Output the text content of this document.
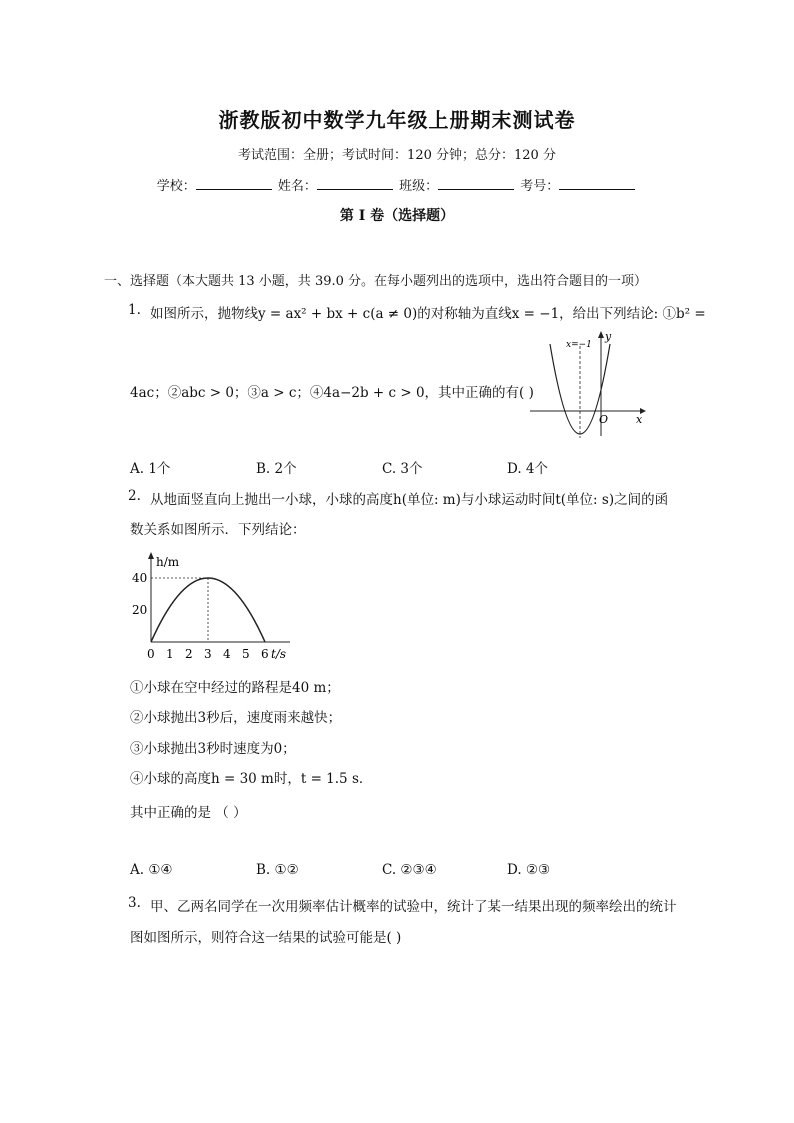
浙教版初中数学九年级上册期末测试卷
考试范围：全册；考试时间：120 分钟；总分：120 分
学校：	姓名：	班级：	考号：
第 I 卷（选择题）
一、选择题（本大题共 13 小题，共 39.0 分。在每小题列出的选项中，选出符合题目的一项）
1. 如图所示，抛物线y = ax² + bx + c(a ≠ 0)的对称轴为直线x = −1，给出下列结论: ①b² =
4ac；②abc > 0；③a > c；④4a−2b + c > 0，其中正确的有( )
x
y
O
x=−1
A. 1个	B. 2个	C. 3个	D. 4个
2. 从地面竖直向上抛出一小球，小球的高度h(单位: m)与小球运动时间t(单位: s)之间的函
数关系如图所示．下列结论：
h/m
40
20
0 1 2 3 4 5 6 t/s
①小球在空中经过的路程是40 m；
②小球抛出3秒后，速度雨来越快；
③小球抛出3秒时速度为0；
④小球的高度h = 30 m时，t = 1.5 s．
其中正确的是 （ ）
A. ①④	B. ①②	C. ②③④	D. ②③
3. 甲、乙两名同学在一次用频率估计概率的试验中，统计了某一结果出现的频率绘出的统计
图如图所示，则符合这一结果的试验可能是( )
